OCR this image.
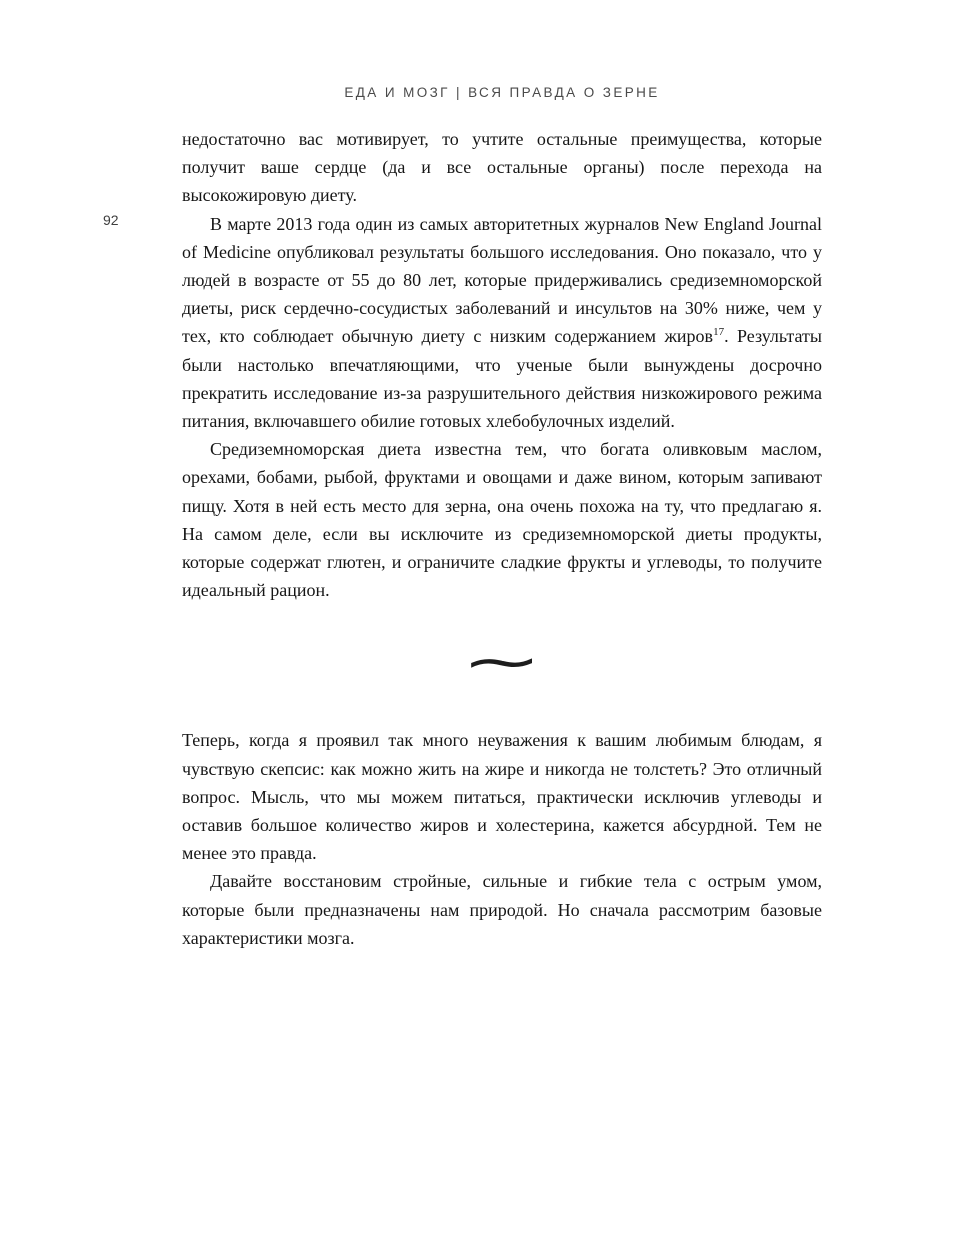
ЕДА И МОЗГ | ВСЯ ПРАВДА О ЗЕРНЕ
92

недостаточно вас мотивирует, то учтите остальные преимущества, которые получит ваше сердце (да и все остальные органы) после перехода на высокожировую диету.

В марте 2013 года один из самых авторитетных журналов New England Journal of Medicine опубликовал результаты большого исследования. Оно показало, что у людей в возрасте от 55 до 80 лет, которые придерживались средиземноморской диеты, риск сердечно-сосудистых заболеваний и инсультов на 30% ниже, чем у тех, кто соблюдает обычную диету с низким содержанием жиров$^{17}$. Результаты были настолько впечатляющими, что ученые были вынуждены досрочно прекратить исследование из-за разрушительного действия низкожирового режима питания, включавшего обилие готовых хлебобулочных изделий.

Средиземноморская диета известна тем, что богата оливковым маслом, орехами, бобами, рыбой, фруктами и овощами и даже вином, которым запивают пищу. Хотя в ней есть место для зерна, она очень похожа на ту, что предлагаю я. На самом деле, если вы исключите из средиземноморской диеты продукты, которые содержат глютен, и ограничите сладкие фрукты и углеводы, то получите идеальный рацион.

∼

Теперь, когда я проявил так много неуважения к вашим любимым блюдам, я чувствую скепсис: как можно жить на жире и никогда не толстеть? Это отличный вопрос. Мысль, что мы можем питаться, практически исключив углеводы и оставив большое количество жиров и холестерина, кажется абсурдной. Тем не менее это правда.

Давайте восстановим стройные, сильные и гибкие тела с острым умом, которые были предназначены нам природой. Но сначала рассмотрим базовые характеристики мозга.
